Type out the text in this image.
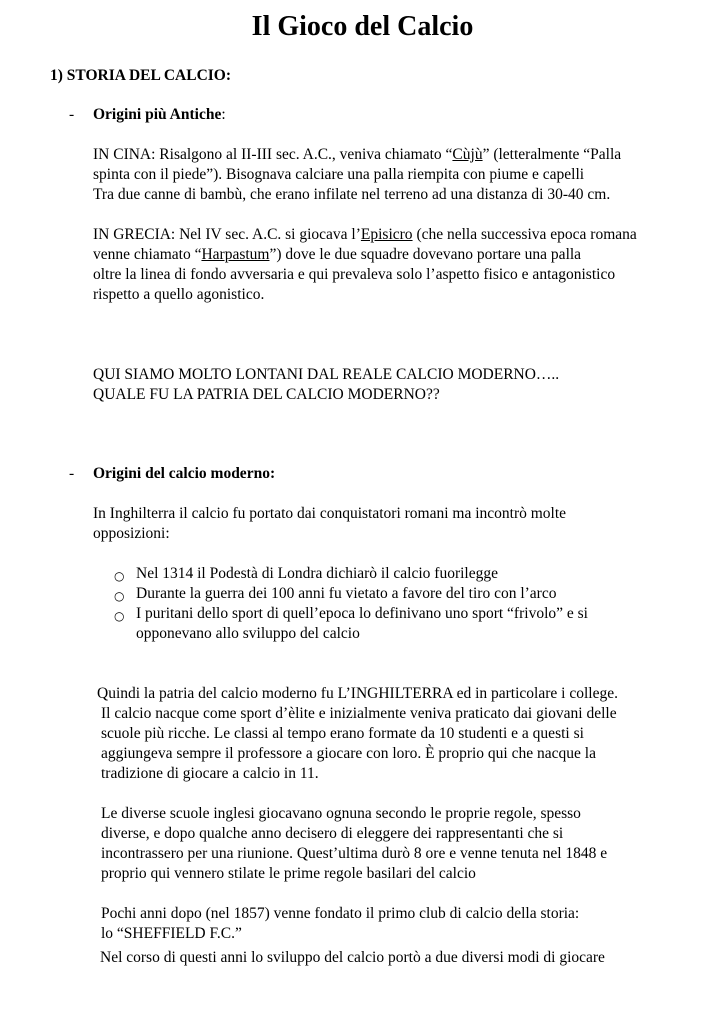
Il Gioco del Calcio
1) STORIA DEL CALCIO:
- Origini più Antiche:
IN CINA: Risalgono al II-III sec. A.C., veniva chiamato “Cùjù” (letteralmente “Palla
spinta con il piede”). Bisognava calciare una palla riempita con piume e capelli
Tra due canne di bambù, che erano infilate nel terreno ad una distanza di 30-40 cm.
IN GRECIA: Nel IV sec. A.C. si giocava l’Episicro (che nella successiva epoca romana
venne chiamato “Harpastum”) dove le due squadre dovevano portare una palla
oltre la linea di fondo avversaria e qui prevaleva solo l’aspetto fisico e antagonistico
rispetto a quello agonistico.
QUI SIAMO MOLTO LONTANI DAL REALE CALCIO MODERNO…..
QUALE FU LA PATRIA DEL CALCIO MODERNO??
- Origini del calcio moderno:
In Inghilterra il calcio fu portato dai conquistatori romani ma incontrò molte
opposizioni:
○ Nel 1314 il Podestà di Londra dichiarò il calcio fuorilegge
○ Durante la guerra dei 100 anni fu vietato a favore del tiro con l’arco
○ I puritani dello sport di quell’epoca lo definivano uno sport “frivolo” e si
opponevano allo sviluppo del calcio
Quindi la patria del calcio moderno fu L’INGHILTERRA ed in particolare i college.
Il calcio nacque come sport d’èlite e inizialmente veniva praticato dai giovani delle
scuole più ricche. Le classi al tempo erano formate da 10 studenti e a questi si
aggiungeva sempre il professore a giocare con loro. È proprio qui che nacque la
tradizione di giocare a calcio in 11.
Le diverse scuole inglesi giocavano ognuna secondo le proprie regole, spesso
diverse, e dopo qualche anno decisero di eleggere dei rappresentanti che si
incontrassero per una riunione. Quest’ultima durò 8 ore e venne tenuta nel 1848 e
proprio qui vennero stilate le prime regole basilari del calcio
Pochi anni dopo (nel 1857) venne fondato il primo club di calcio della storia:
lo “SHEFFIELD F.C.”
Nel corso di questi anni lo sviluppo del calcio portò a due diversi modi di giocare
